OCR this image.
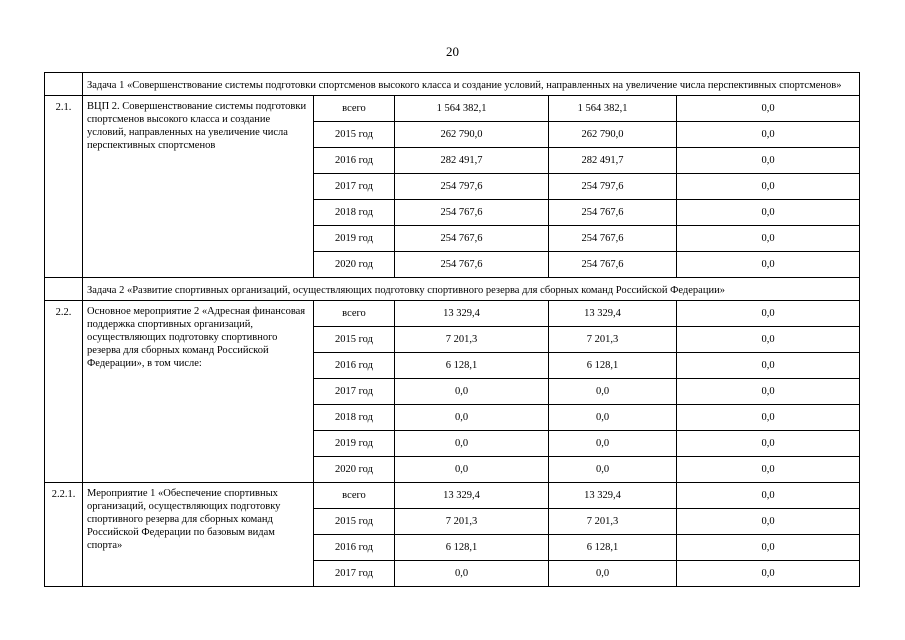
20
	Задача 1 «Совершенствование системы подготовки спортсменов высокого класса и создание условий, направленных на увеличение числа перспективных спортсменов»				
2.1.	ВЦП 2. Совершенствование системы подготовки спортсменов высокого класса и создание условий, направленных на увеличение числа перспективных спортсменов	всего	1 564 382,1	1 564 382,1	0,0
		2015 год	262 790,0	262 790,0	0,0
		2016 год	282 491,7	282 491,7	0,0
		2017 год	254 797,6	254 797,6	0,0
		2018 год	254 767,6	254 767,6	0,0
		2019 год	254 767,6	254 767,6	0,0
		2020 год	254 767,6	254 767,6	0,0
	Задача 2 «Развитие спортивных организаций, осуществляющих подготовку спортивного резерва для сборных команд Российской Федерации»				
2.2.	Основное мероприятие 2 «Адресная финансовая поддержка спортивных организаций, осуществляющих подготовку спортивного резерва для сборных команд Российской Федерации», в том числе:	всего	13 329,4	13 329,4	0,0
		2015 год	7 201,3	7 201,3	0,0
		2016 год	6 128,1	6 128,1	0,0
		2017 год	0,0	0,0	0,0
		2018 год	0,0	0,0	0,0
		2019 год	0,0	0,0	0,0
		2020 год	0,0	0,0	0,0
2.2.1.	Мероприятие 1 «Обеспечение спортивных организаций, осуществляющих подготовку спортивного резерва для сборных команд Российской Федерации по базовым видам спорта»	всего	13 329,4	13 329,4	0,0
		2015 год	7 201,3	7 201,3	0,0
		2016 год	6 128,1	6 128,1	0,0
		2017 год	0,0	0,0	0,0
